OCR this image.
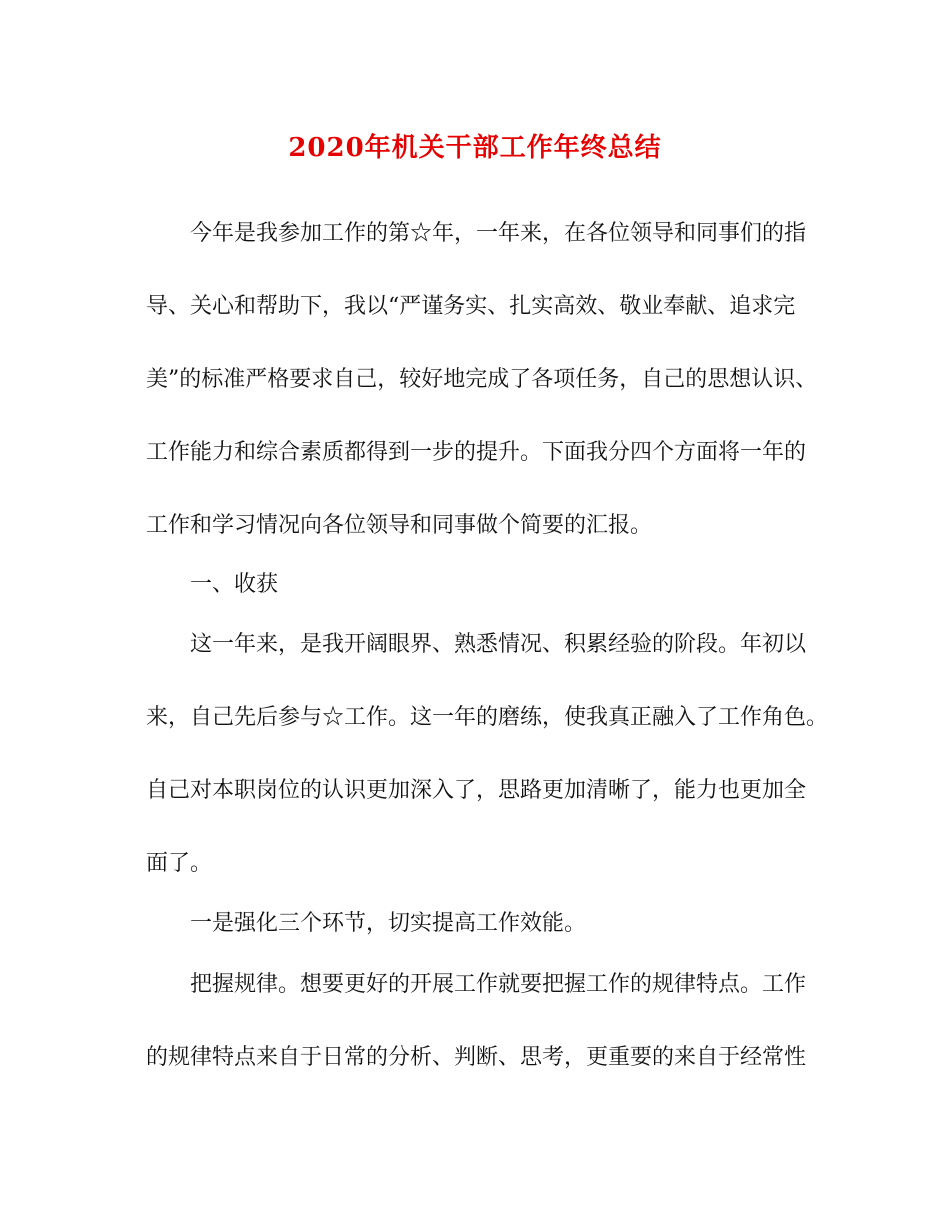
2020年机关干部工作年终总结

今年是我参加工作的第☆年，一年来，在各位领导和同事们的指

导、关心和帮助下，我以“严谨务实、扎实高效、敬业奉献、追求完

美”的标准严格要求自己，较好地完成了各项任务，自己的思想认识、

工作能力和综合素质都得到一步的提升。下面我分四个方面将一年的

工作和学习情况向各位领导和同事做个简要的汇报。

一、收获

这一年来，是我开阔眼界、熟悉情况、积累经验的阶段。年初以

来，自己先后参与☆工作。这一年的磨练，使我真正融入了工作角色。

自己对本职岗位的认识更加深入了，思路更加清晰了，能力也更加全

面了。

一是强化三个环节，切实提高工作效能。

把握规律。想要更好的开展工作就要把握工作的规律特点。工作

的规律特点来自于日常的分析、判断、思考，更重要的来自于经常性
